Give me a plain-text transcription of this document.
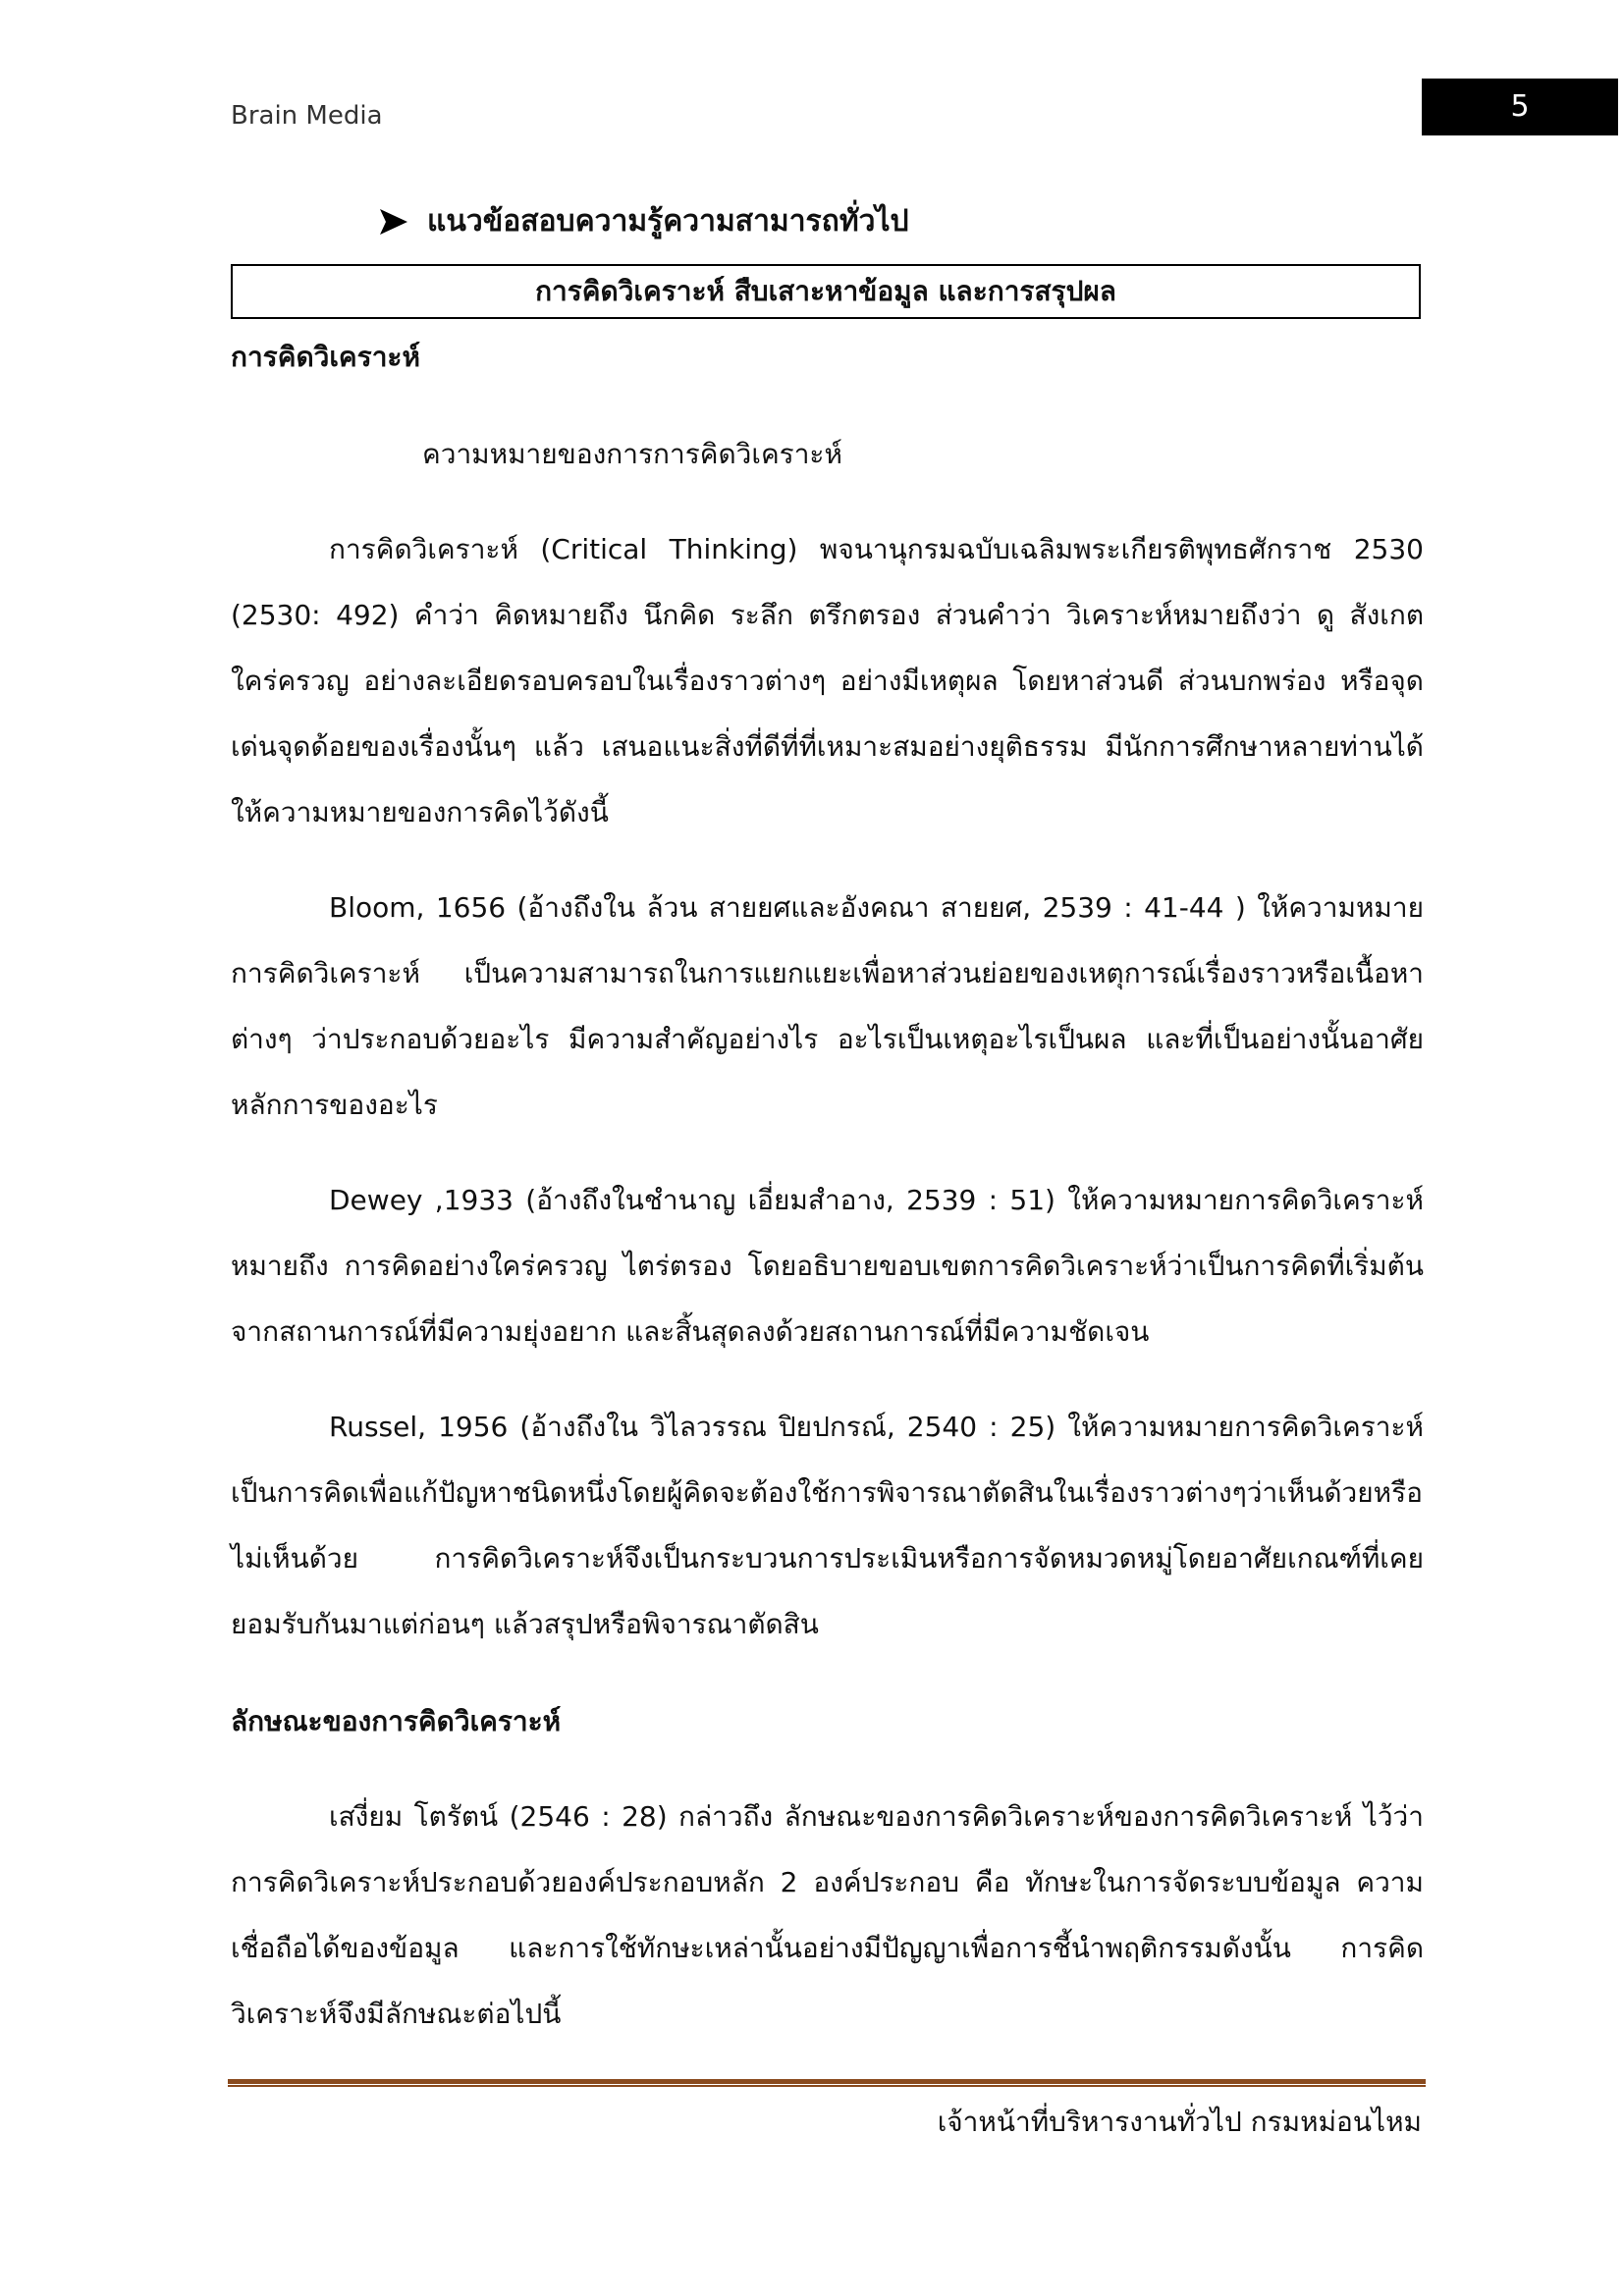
Brain Media	5
แนวข้อสอบความรู้ความสามารถทั่วไป
การคิดวิเคราะห์ สืบเสาะหาข้อมูล และการสรุปผล

การคิดวิเคราะห์

ความหมายของการการคิดวิเคราะห์

การคิดวิเคราะห์ (Critical Thinking) พจนานุกรมฉบับเฉลิมพระเกียรติพุทธศักราช 2530 (2530: 492) คำว่า คิดหมายถึง นึกคิด ระลึก ตรึกตรอง ส่วนคำว่า วิเคราะห์หมายถึงว่า ดู สังเกต ใคร่ครวญ อย่างละเอียดรอบครอบในเรื่องราวต่างๆ อย่างมีเหตุผล โดยหาส่วนดี ส่วนบกพร่อง หรือจุดเด่นจุดด้อยของเรื่องนั้นๆ แล้ว เสนอแนะสิ่งที่ดีที่ที่เหมาะสมอย่างยุติธรรม มีนักการศึกษาหลายท่านได้ให้ความหมายของการคิดไว้ดังนี้

Bloom, 1656 (อ้างถึงใน ล้วน สายยศและอังคณา สายยศ, 2539 : 41-44 ) ให้ความหมายการคิดวิเคราะห์ เป็นความสามารถในการแยกแยะเพื่อหาส่วนย่อยของเหตุการณ์เรื่องราวหรือเนื้อหาต่างๆ ว่าประกอบด้วยอะไร มีความสำคัญอย่างไร อะไรเป็นเหตุอะไรเป็นผล และที่เป็นอย่างนั้นอาศัยหลักการของอะไร

Dewey ,1933 (อ้างถึงในชำนาญ เอี่ยมสำอาง, 2539 : 51) ให้ความหมายการคิดวิเคราะห์หมายถึง การคิดอย่างใคร่ครวญ ไตร่ตรอง โดยอธิบายขอบเขตการคิดวิเคราะห์ว่าเป็นการคิดที่เริ่มต้นจากสถานการณ์ที่มีความยุ่งอยาก และสิ้นสุดลงด้วยสถานการณ์ที่มีความชัดเจน

Russel, 1956 (อ้างถึงใน วิไลวรรณ ปิยปกรณ์, 2540 : 25) ให้ความหมายการคิดวิเคราะห์เป็นการคิดเพื่อแก้ปัญหาชนิดหนึ่งโดยผู้คิดจะต้องใช้การพิจารณาตัดสินในเรื่องราวต่างๆว่าเห็นด้วยหรือไม่เห็นด้วย การคิดวิเคราะห์จึงเป็นกระบวนการประเมินหรือการจัดหมวดหมู่โดยอาศัยเกณฑ์ที่เคยยอมรับกันมาแต่ก่อนๆ แล้วสรุปหรือพิจารณาตัดสิน

ลักษณะของการคิดวิเคราะห์

เสงี่ยม โตรัตน์ (2546 : 28) กล่าวถึง ลักษณะของการคิดวิเคราะห์ของการคิดวิเคราะห์ ไว้ว่า การคิดวิเคราะห์ประกอบด้วยองค์ประกอบหลัก 2 องค์ประกอบ คือ ทักษะในการจัดระบบข้อมูล ความเชื่อถือได้ของข้อมูล และการใช้ทักษะเหล่านั้นอย่างมีปัญญาเพื่อการชี้นำพฤติกรรมดังนั้น การคิดวิเคราะห์จึงมีลักษณะต่อไปนี้

เจ้าหน้าที่บริหารงานทั่วไป กรมหม่อนไหม
